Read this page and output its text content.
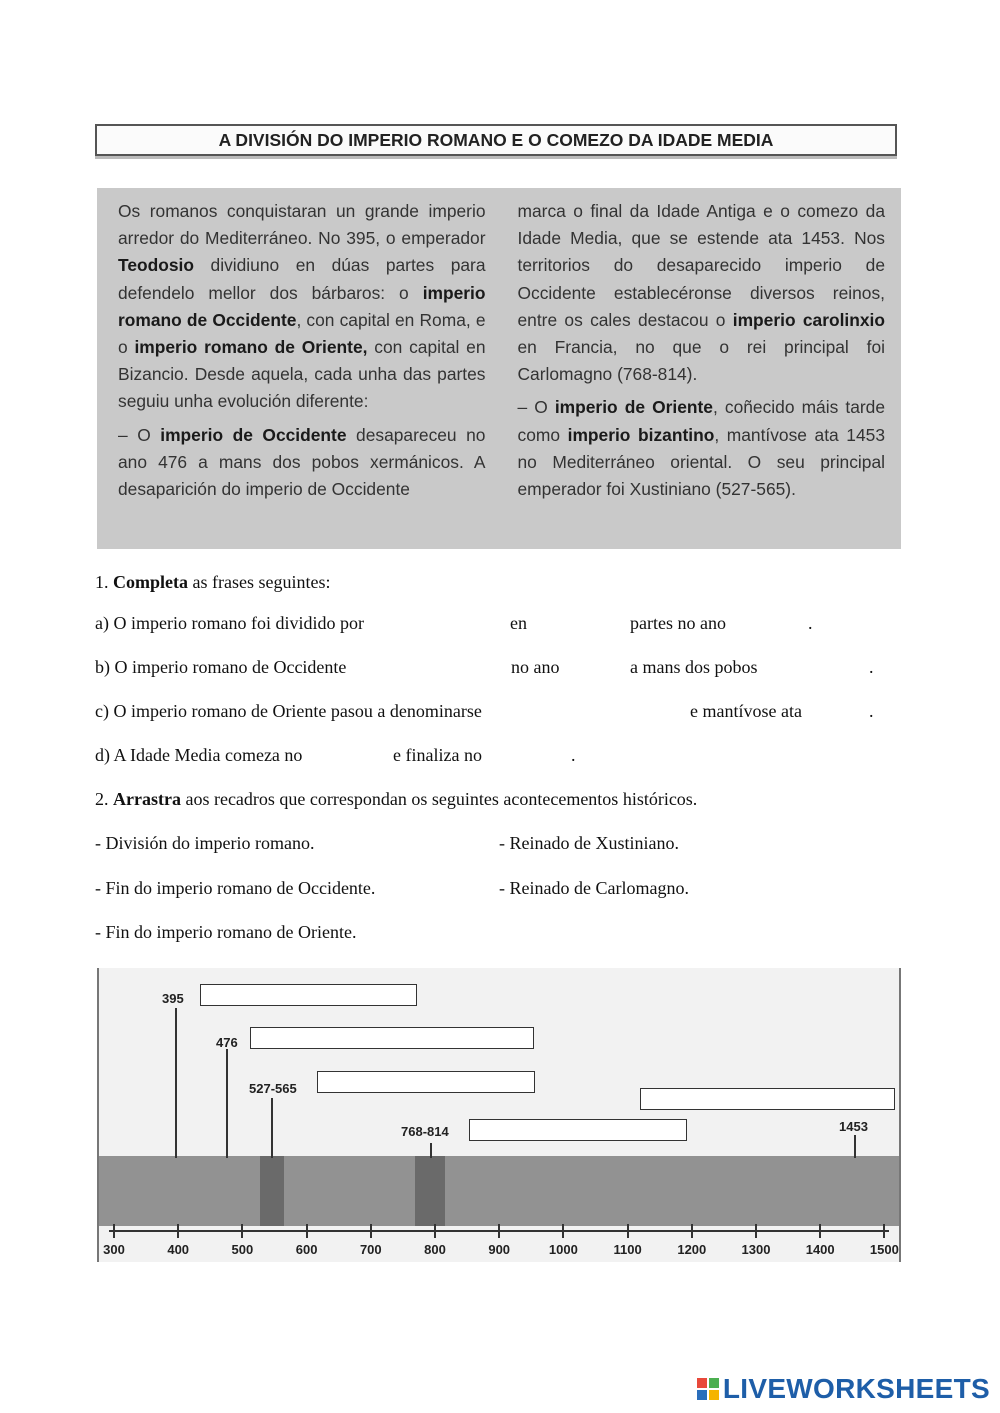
A DIVISIÓN DO IMPERIO ROMANO E O COMEZO DA IDADE MEDIA

Os romanos conquistaran un grande imperio arredor do Mediterráneo. No 395, o emperador Teodosio dividiuno en dúas partes para defendelo mellor dos bárbaros: o imperio romano de Occidente, con capital en Roma, e o imperio romano de Oriente, con capital en Bizancio. Desde aquela, cada unha das partes seguiu unha evolución diferente:

– O imperio de Occidente desapareceu no ano 476 a mans dos pobos xermánicos. A desaparición do imperio de Occidente

marca o final da Idade Antiga e o comezo da Idade Media, que se estende ata 1453. Nos territorios do desaparecido imperio de Occidente establecéronse diversos reinos, entre os cales destacou o imperio carolinxio en Francia, no que o rei principal foi Carlomagno (768-814).

– O imperio de Oriente, coñecido máis tarde como imperio bizantino, mantívose ata 1453 no Mediterráneo oriental. O seu principal emperador foi Xustiniano (527-565).

1. Completa as frases seguintes:
a) O imperio romano foi dividido por	en	partes no ano	.
b) O imperio romano de Occidente	no ano	a mans dos pobos	.
c) O imperio romano de Oriente pasou a denominarse	e mantívose ata	.
d) A Idade Media comeza no	e finaliza no	.
2. Arrastra aos recadros que correspondan os seguintes acontecementos históricos.
- División do imperio romano.	- Reinado de Xustiniano.
- Fin do imperio romano de Occidente.	- Reinado de Carlomagno.
- Fin do imperio romano de Oriente.
395
476
527-565
768-814	1453
300	400	500	600	700	800	900	1000	1100	1200	1300	1400	1500
LIVEWORKSHEETS
